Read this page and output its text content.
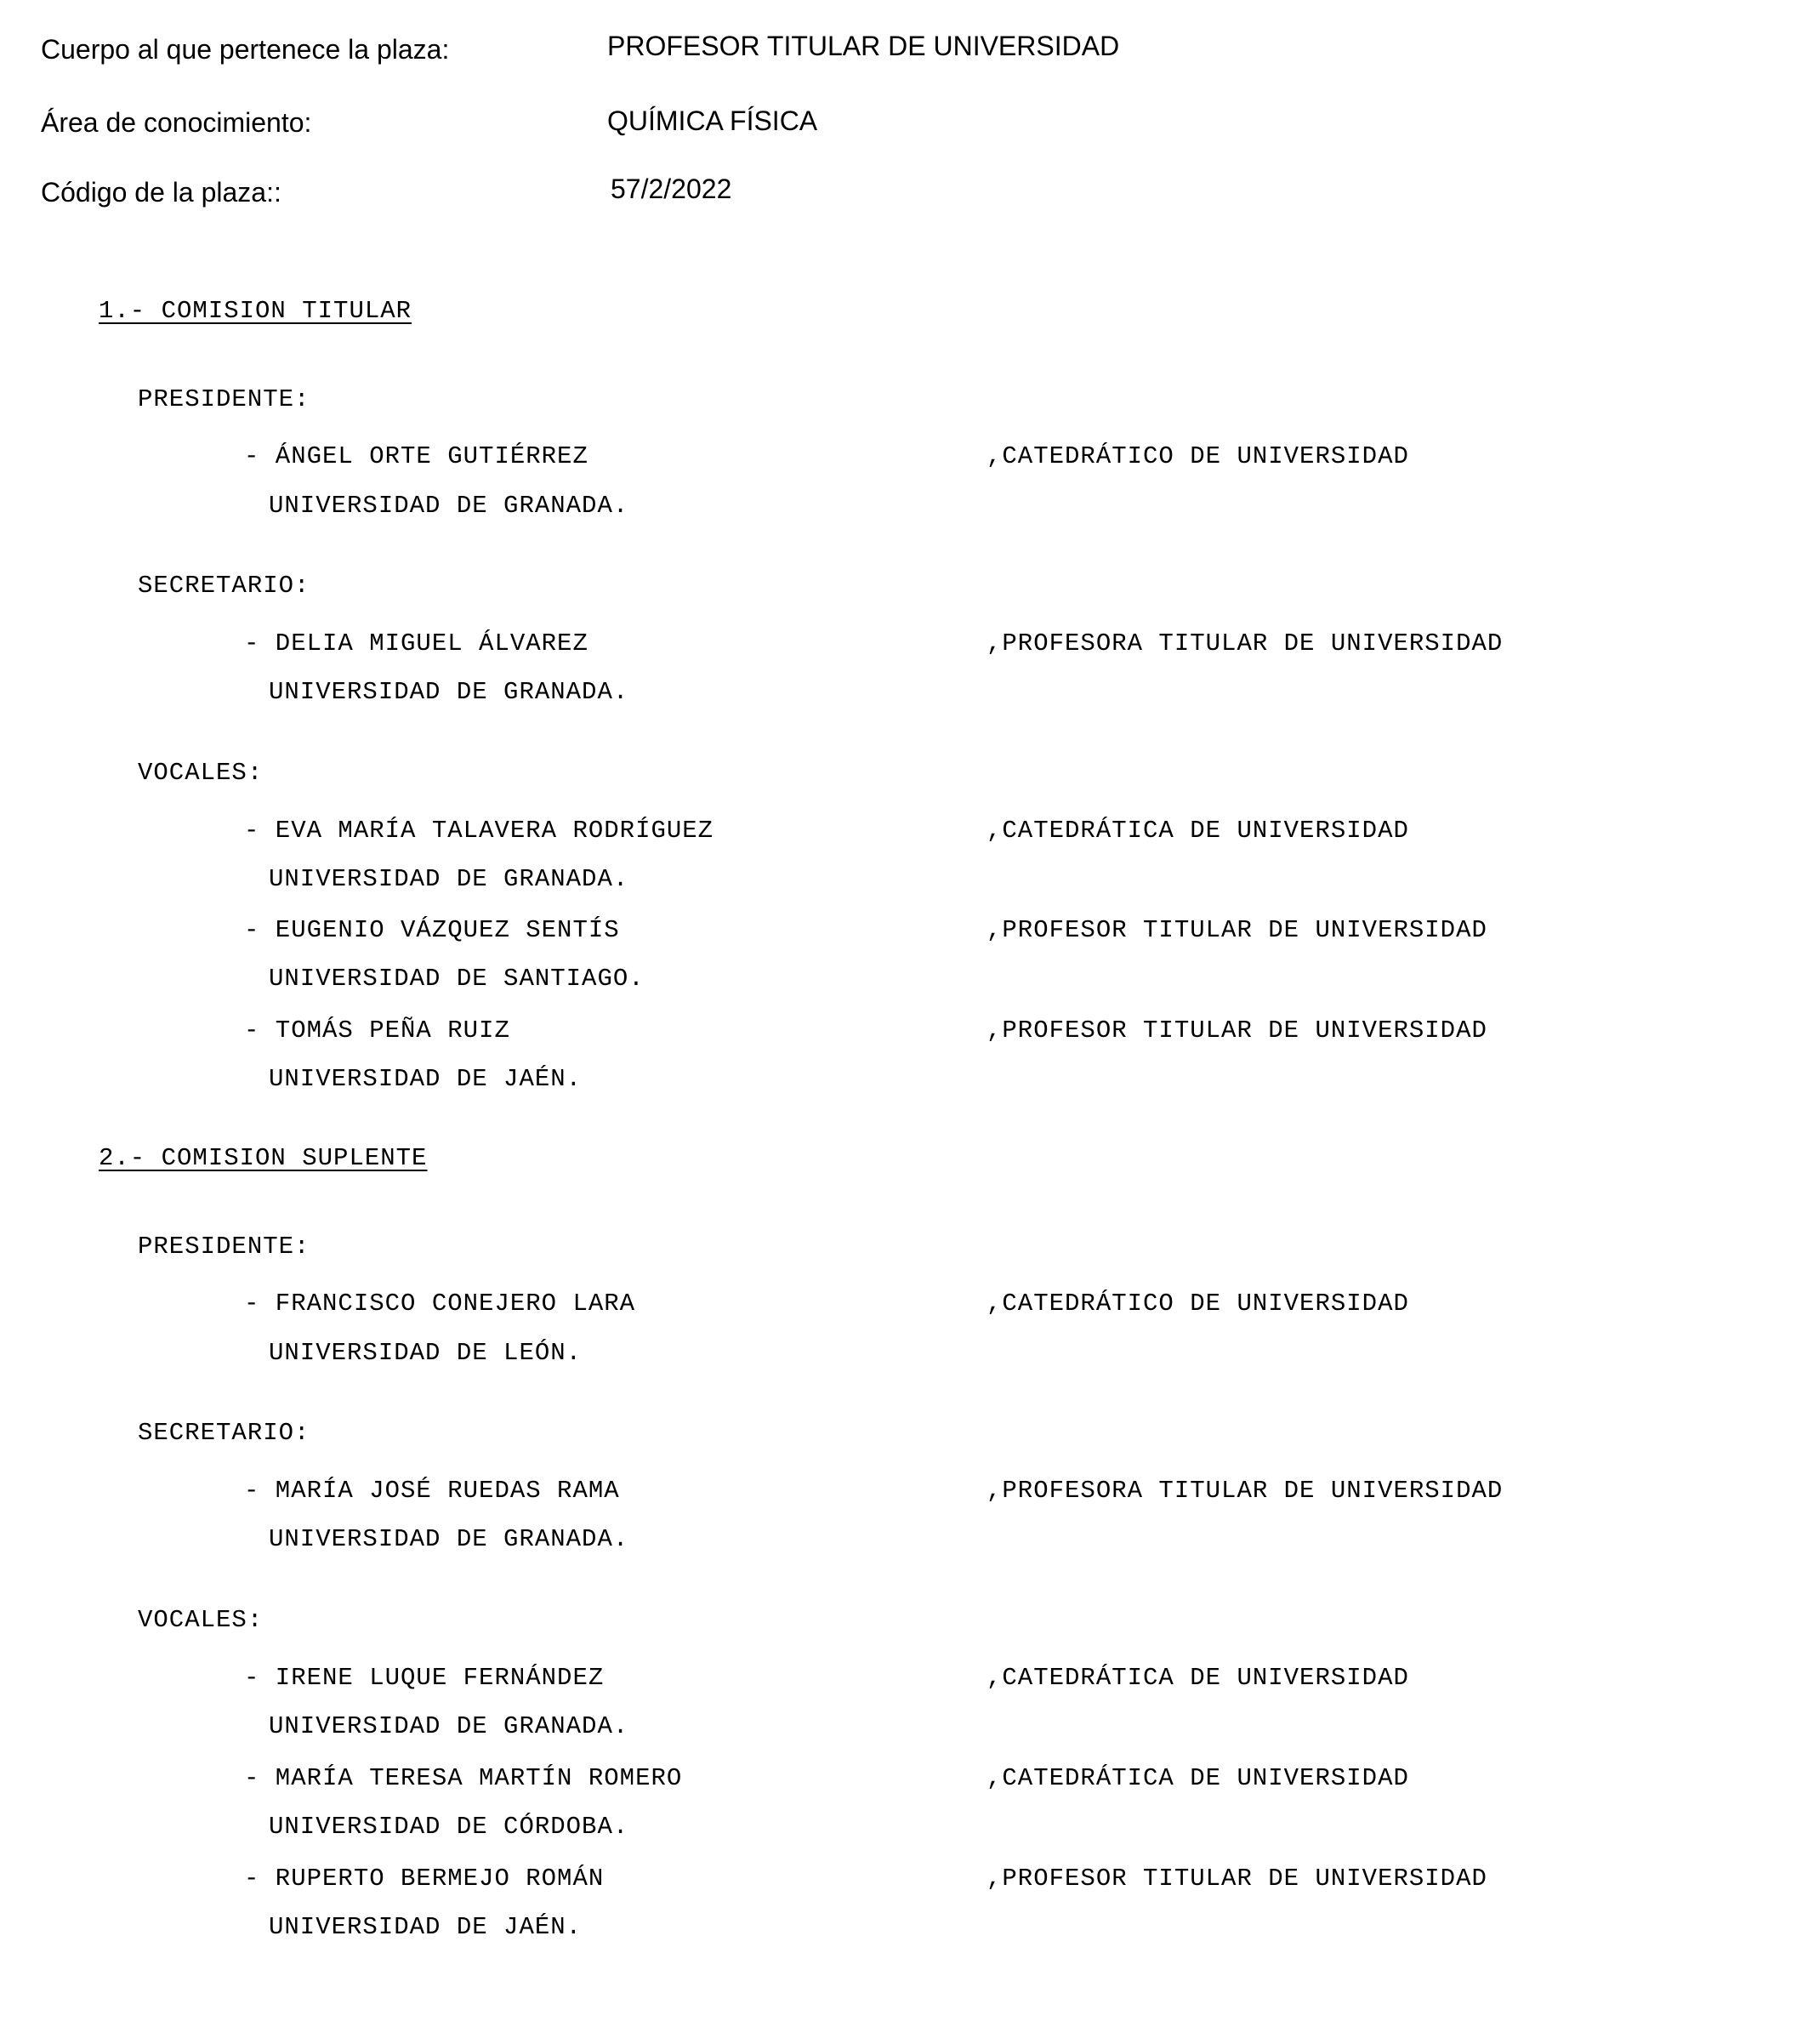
Cuerpo al que pertenece la plaza:	PROFESOR TITULAR DE UNIVERSIDAD
Área de conocimiento:	QUÍMICA FÍSICA
Código de la plaza::	57/2/2022
1.- COMISION TITULAR
PRESIDENTE:
- ÁNGEL ORTE GUTIÉRREZ	,CATEDRÁTICO DE UNIVERSIDAD
UNIVERSIDAD DE GRANADA.
SECRETARIO:
- DELIA MIGUEL ÁLVAREZ	,PROFESORA TITULAR DE UNIVERSIDAD
UNIVERSIDAD DE GRANADA.
VOCALES:
- EVA MARÍA TALAVERA RODRÍGUEZ	,CATEDRÁTICA DE UNIVERSIDAD
UNIVERSIDAD DE GRANADA.
- EUGENIO VÁZQUEZ SENTÍS	,PROFESOR TITULAR DE UNIVERSIDAD
UNIVERSIDAD DE SANTIAGO.
- TOMÁS PEÑA RUIZ	,PROFESOR TITULAR DE UNIVERSIDAD
UNIVERSIDAD DE JAÉN.
2.- COMISION SUPLENTE
PRESIDENTE:
- FRANCISCO CONEJERO LARA	,CATEDRÁTICO DE UNIVERSIDAD
UNIVERSIDAD DE LEÓN.
SECRETARIO:
- MARÍA JOSÉ RUEDAS RAMA	,PROFESORA TITULAR DE UNIVERSIDAD
UNIVERSIDAD DE GRANADA.
VOCALES:
- IRENE LUQUE FERNÁNDEZ	,CATEDRÁTICA DE UNIVERSIDAD
UNIVERSIDAD DE GRANADA.
- MARÍA TERESA MARTÍN ROMERO	,CATEDRÁTICA DE UNIVERSIDAD
UNIVERSIDAD DE CÓRDOBA.
- RUPERTO BERMEJO ROMÁN	,PROFESOR TITULAR DE UNIVERSIDAD
UNIVERSIDAD DE JAÉN.
